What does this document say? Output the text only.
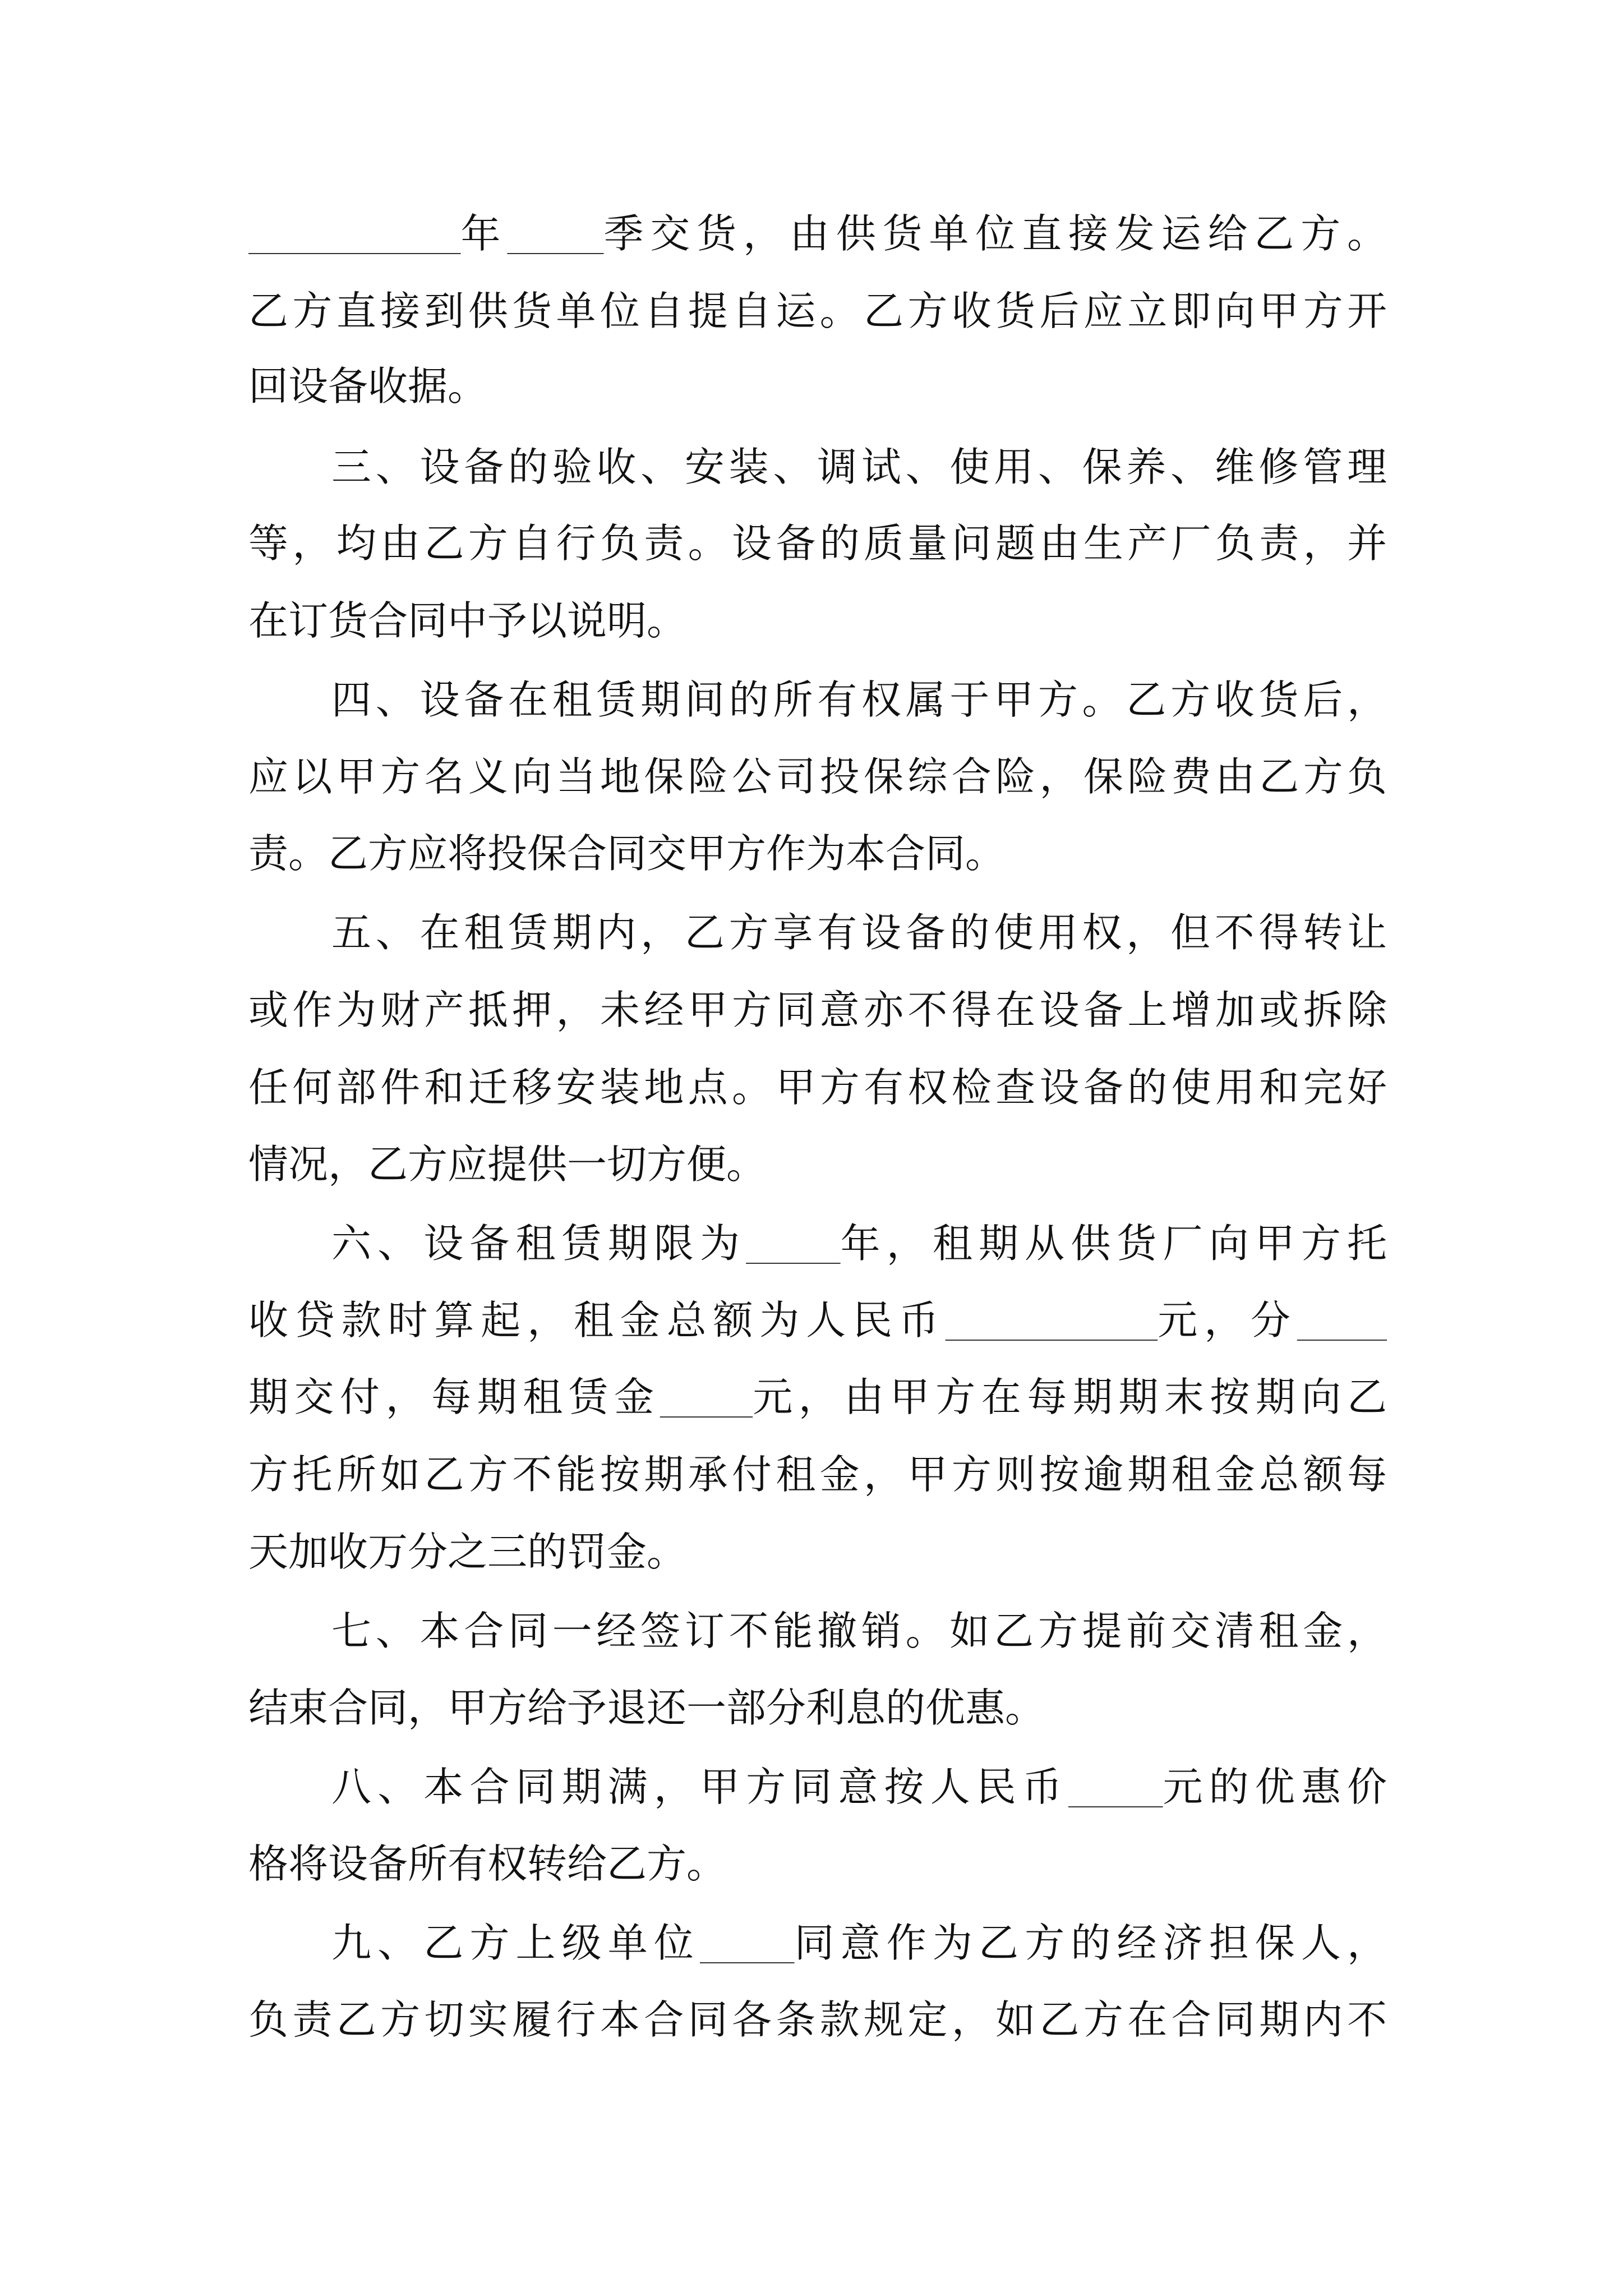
年 季交货，由供货单位直接发运给乙方。
乙方直接到供货单位自提自运。乙方收货后应立即向甲方开
回设备收据。
三、设备的验收、安装、调试、使用、保养、维修管理
等，均由乙方自行负责。设备的质量问题由生产厂负责，并
在订货合同中予以说明。
四、设备在租赁期间的所有权属于甲方。乙方收货后，
应以甲方名义向当地保险公司投保综合险，保险费由乙方负
责。乙方应将投保合同交甲方作为本合同。
五、在租赁期内，乙方享有设备的使用权，但不得转让
或作为财产抵押，未经甲方同意亦不得在设备上增加或拆除
任何部件和迁移安装地点。甲方有权检查设备的使用和完好
情况，乙方应提供一切方便。
六、设备租赁期限为 年，租期从供货厂向甲方托
收贷款时算起，租金总额为人民币	元，分
期交付，每期租赁金 元，由甲方在每期期末按期向乙
方托所如乙方不能按期承付租金，甲方则按逾期租金总额每
天加收万分之三的罚金。
七、本合同一经签订不能撤销。如乙方提前交清租金，
结束合同，甲方给予退还一部分利息的优惠。
八、本合同期满，甲方同意按人民币 元的优惠价
格将设备所有权转给乙方。
九、乙方上级单位 同意作为乙方的经济担保人，
负责乙方切实履行本合同各条款规定，如乙方在合同期内不
